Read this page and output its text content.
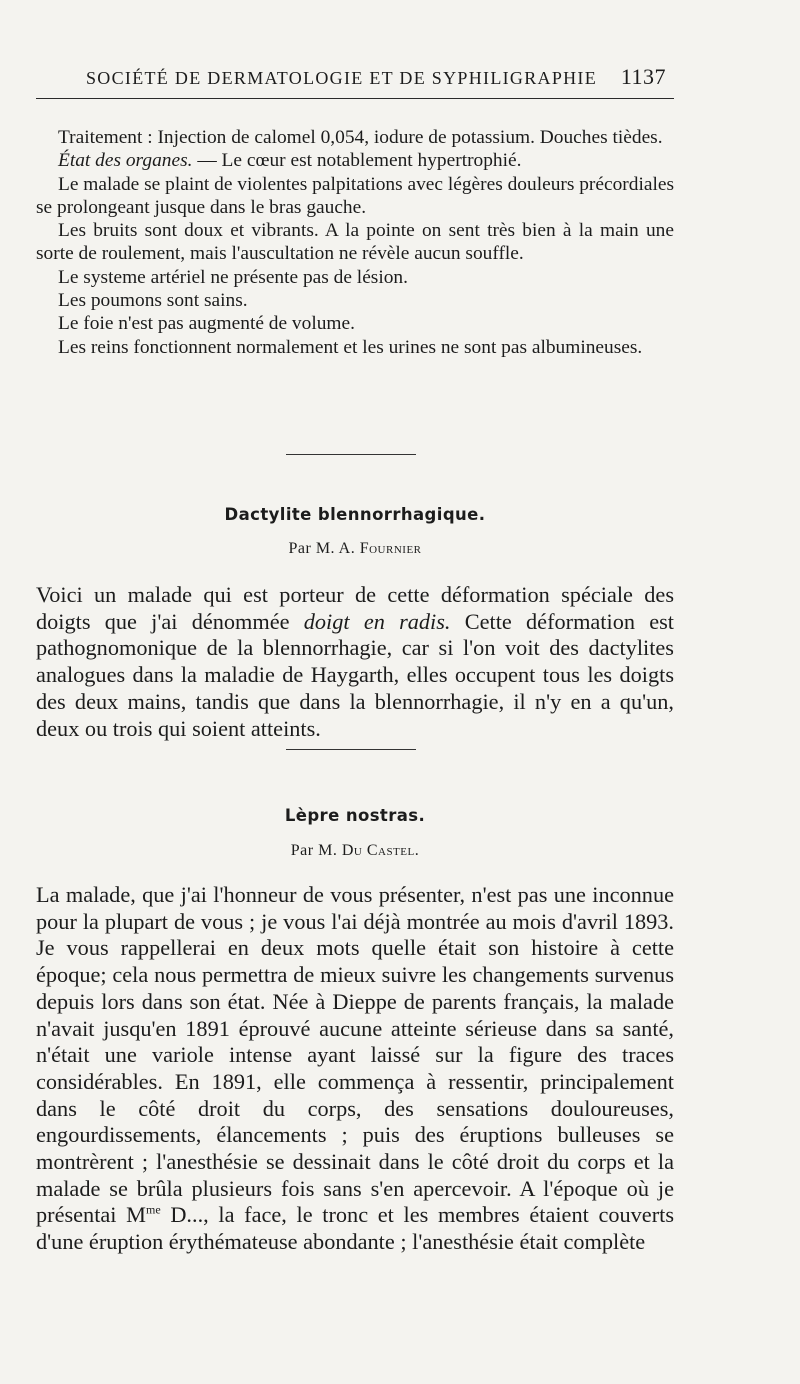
SOCIÉTÉ DE DERMATOLOGIE ET DE SYPHILIGRAPHIE 1137

Traitement : Injection de calomel 0,054, iodure de potassium. Douches tièdes.

État des organes. — Le cœur est notablement hypertrophié.

Le malade se plaint de violentes palpitations avec légères douleurs précordiales se prolongeant jusque dans le bras gauche.

Les bruits sont doux et vibrants. A la pointe on sent très bien à la main une sorte de roulement, mais l'auscultation ne révèle aucun souffle.

Le systeme artériel ne présente pas de lésion.

Les poumons sont sains.

Le foie n'est pas augmenté de volume.

Les reins fonctionnent normalement et les urines ne sont pas albumineuses.

Dactylite blennorrhagique.
Par M. A. Fournier

Voici un malade qui est porteur de cette déformation spéciale des doigts que j'ai dénommée doigt en radis. Cette déformation est pathognomonique de la blennorrhagie, car si l'on voit des dactylites analogues dans la maladie de Haygarth, elles occupent tous les doigts des deux mains, tandis que dans la blennorrhagie, il n'y en a qu'un, deux ou trois qui soient atteints.

Lèpre nostras.
Par M. Du Castel.

La malade, que j'ai l'honneur de vous présenter, n'est pas une inconnue pour la plupart de vous ; je vous l'ai déjà montrée au mois d'avril 1893. Je vous rappellerai en deux mots quelle était son histoire à cette époque; cela nous permettra de mieux suivre les changements survenus depuis lors dans son état. Née à Dieppe de parents français, la malade n'avait jusqu'en 1891 éprouvé aucune atteinte sérieuse dans sa santé, n'était une variole intense ayant laissé sur la figure des traces considérables. En 1891, elle commença à ressentir, principalement dans le côté droit du corps, des sensations douloureuses, engourdissements, élancements ; puis des éruptions bulleuses se montrèrent ; l'anesthésie se dessinait dans le côté droit du corps et la malade se brûla plusieurs fois sans s'en apercevoir. A l'époque où je présentai $M^{me}$ D..., la face, le tronc et les membres étaient couverts d'une éruption érythémateuse abondante ; l'anesthésie était complète
